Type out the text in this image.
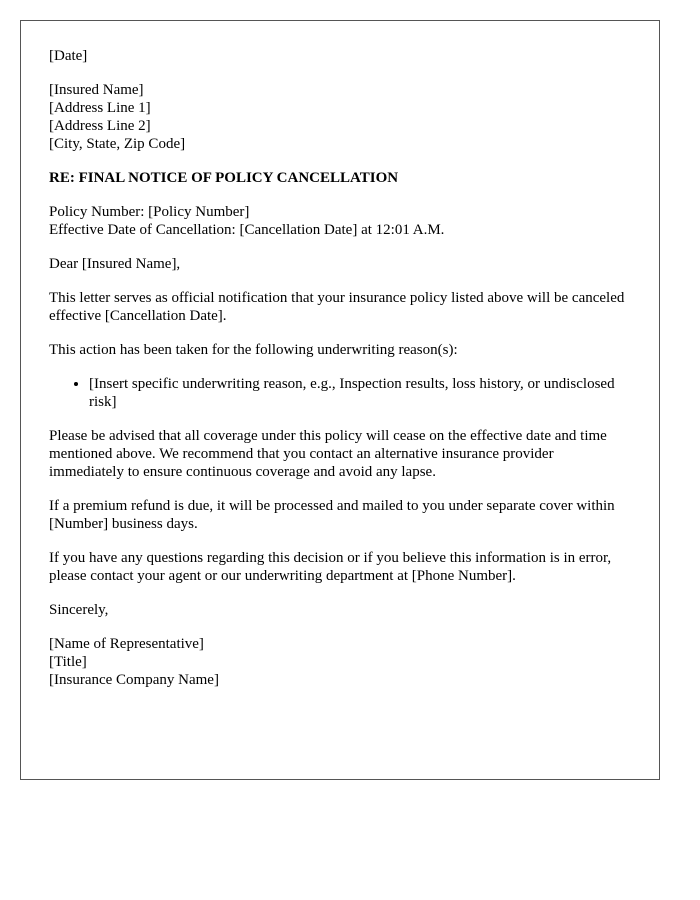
[Date]

[Insured Name]
[Address Line 1]
[Address Line 2]
[City, State, Zip Code]

RE: FINAL NOTICE OF POLICY CANCELLATION

Policy Number: [Policy Number]
Effective Date of Cancellation: [Cancellation Date] at 12:01 A.M.

Dear [Insured Name],

This letter serves as official notification that your insurance policy listed above will be canceled effective [Cancellation Date].

This action has been taken for the following underwriting reason(s):

• [Insert specific underwriting reason, e.g., Inspection results, loss history, or undisclosed risk]

Please be advised that all coverage under this policy will cease on the effective date and time mentioned above. We recommend that you contact an alternative insurance provider immediately to ensure continuous coverage and avoid any lapse.

If a premium refund is due, it will be processed and mailed to you under separate cover within [Number] business days.

If you have any questions regarding this decision or if you believe this information is in error, please contact your agent or our underwriting department at [Phone Number].

Sincerely,

[Name of Representative]
[Title]
[Insurance Company Name]
